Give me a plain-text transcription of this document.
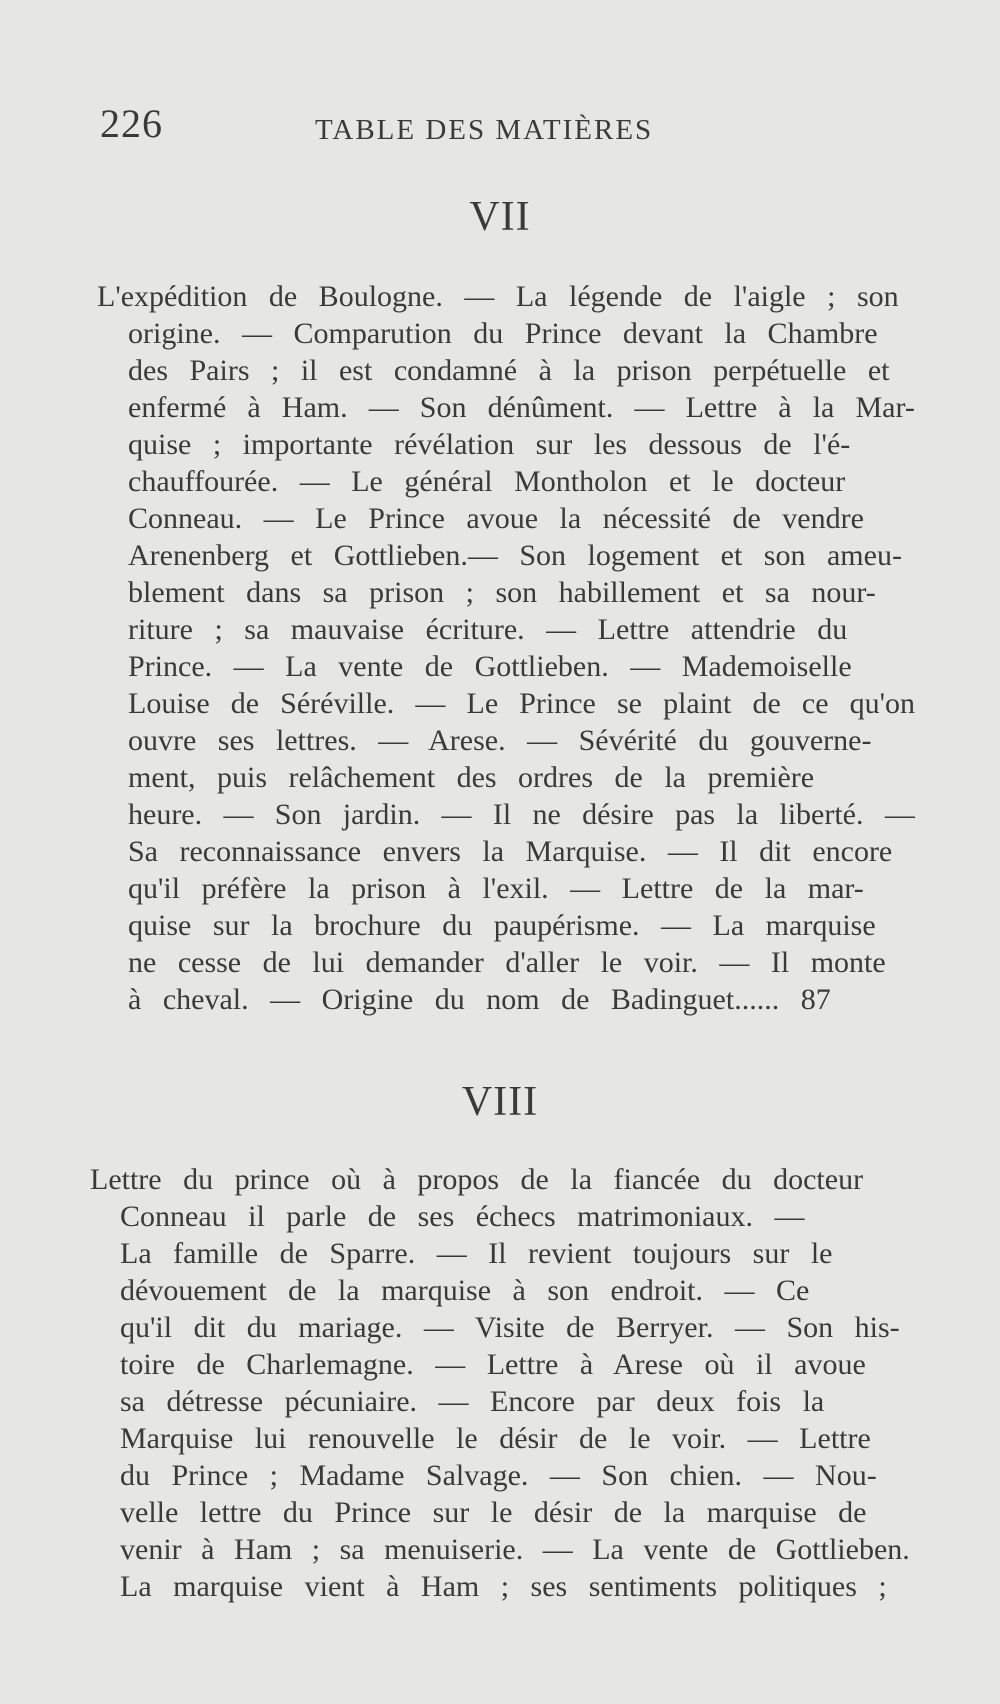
226	TABLE DES MATIÈRES
VII
L'expédition de Boulogne. — La légende de l'aigle ; son
origine. — Comparution du Prince devant la Chambre
des Pairs ; il est condamné à la prison perpétuelle et
enfermé à Ham. — Son dénûment. — Lettre à la Mar-
quise ; importante révélation sur les dessous de l'é-
chauffourée. — Le général Montholon et le docteur
Conneau. — Le Prince avoue la nécessité de vendre
Arenenberg et Gottlieben.— Son logement et son ameu-
blement dans sa prison ; son habillement et sa nour-
riture ; sa mauvaise écriture. — Lettre attendrie du
Prince. — La vente de Gottlieben. — Mademoiselle
Louise de Séréville. — Le Prince se plaint de ce qu'on
ouvre ses lettres. — Arese. — Sévérité du gouverne-
ment, puis relâchement des ordres de la première
heure. — Son jardin. — Il ne désire pas la liberté. —
Sa reconnaissance envers la Marquise. — Il dit encore
qu'il préfère la prison à l'exil. — Lettre de la mar-
quise sur la brochure du paupérisme. — La marquise
ne cesse de lui demander d'aller le voir. — Il monte
à cheval. — Origine du nom de Badinguet...... 87
VIII
Lettre du prince où à propos de la fiancée du docteur
Conneau il parle de ses échecs matrimoniaux. —
La famille de Sparre. — Il revient toujours sur le
dévouement de la marquise à son endroit. — Ce
qu'il dit du mariage. — Visite de Berryer. — Son his-
toire de Charlemagne. — Lettre à Arese où il avoue
sa détresse pécuniaire. — Encore par deux fois la
Marquise lui renouvelle le désir de le voir. — Lettre
du Prince ; Madame Salvage. — Son chien. — Nou-
velle lettre du Prince sur le désir de la marquise de
venir à Ham ; sa menuiserie. — La vente de Gottlieben.
La marquise vient à Ham ; ses sentiments politiques ;
